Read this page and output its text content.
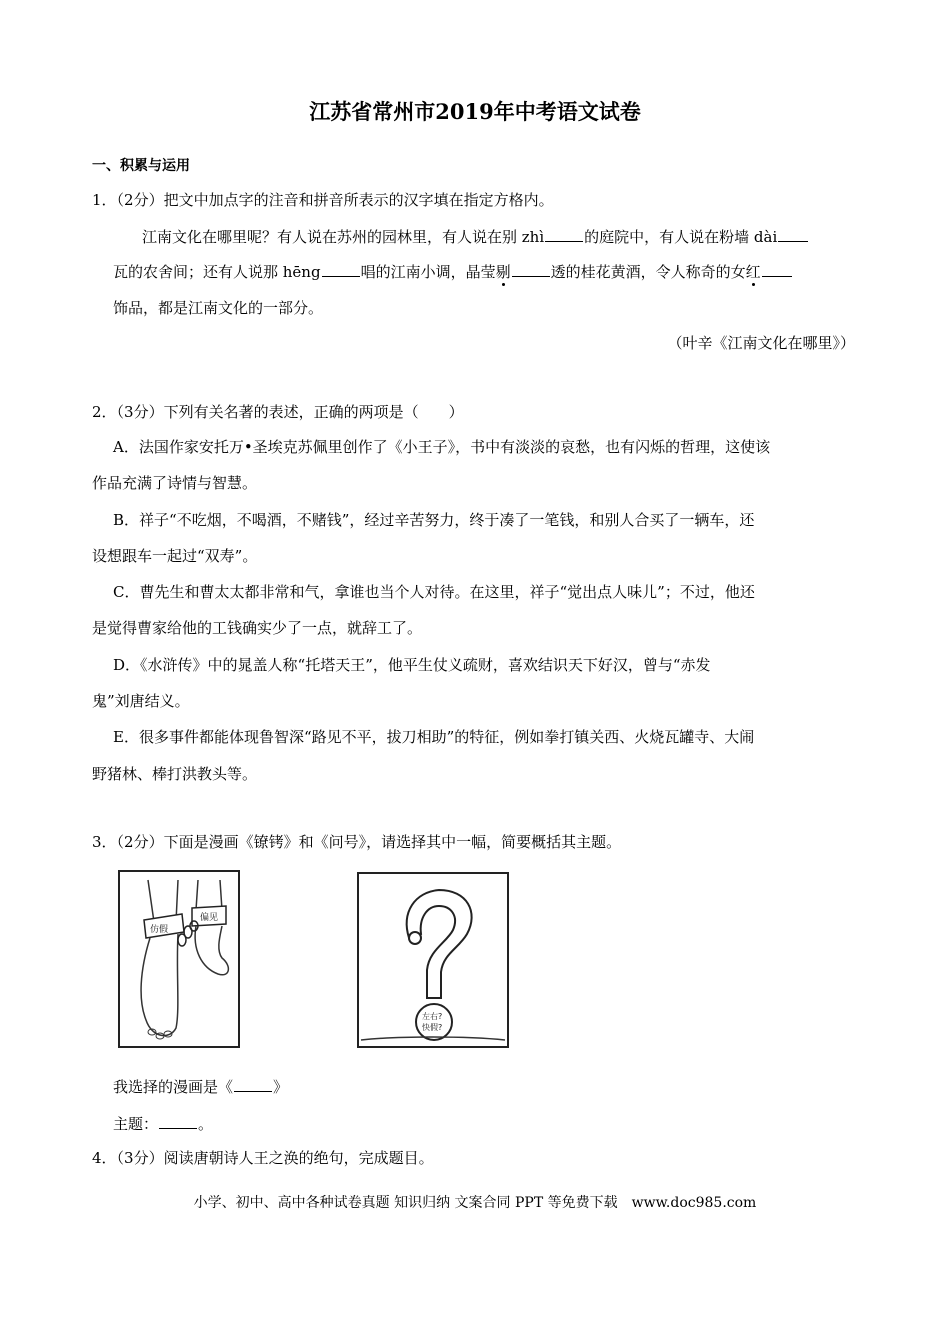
江苏省常州市2019年中考语文试卷
一、积累与运用
1．（2分）把文中加点字的注音和拼音所表示的汉字填在指定方格内。
江南文化在哪里呢？有人说在苏州的园林里，有人说在别 zhì	的庭院中，有人说在粉墙 dài
瓦的农舍间；还有人说那 hēng	唱的江南小调，晶莹剔	透的桂花黄酒，令人称奇的女红
饰品，都是江南文化的一部分。
（叶辛《江南文化在哪里》）
2．（3分）下列有关名著的表述，正确的两项是（　　）
A．法国作家安托万•圣埃克苏佩里创作了《小王子》，书中有淡淡的哀愁，也有闪烁的哲理，这使该
作品充满了诗情与智慧。
B．祥子“不吃烟，不喝酒，不赌钱”，经过辛苦努力，终于凑了一笔钱，和别人合买了一辆车，还
设想跟车一起过“双寿”。
C．曹先生和曹太太都非常和气，拿谁也当个人对待。在这里，祥子“觉出点人味儿”；不过，他还
是觉得曹家给他的工钱确实少了一点，就辞工了。
D．《水浒传》中的晁盖人称“托塔天王”，他平生仗义疏财，喜欢结识天下好汉，曾与“赤发
鬼”刘唐结义。
E．很多事件都能体现鲁智深“路见不平，拔刀相助”的特征，例如拳打镇关西、火烧瓦罐寺、大闹
野猪林、棒打洪教头等。
3．（2分）下面是漫画《镣铐》和《问号》，请选择其中一幅，简要概括其主题。
仿假
偏见
左右?
快假?
我选择的漫画是《	》
主题：	。
4．（3分）阅读唐朝诗人王之涣的绝句，完成题目。
小学、初中、高中各种试卷真题 知识归纳 文案合同 PPT 等免费下载　www.doc985.com
